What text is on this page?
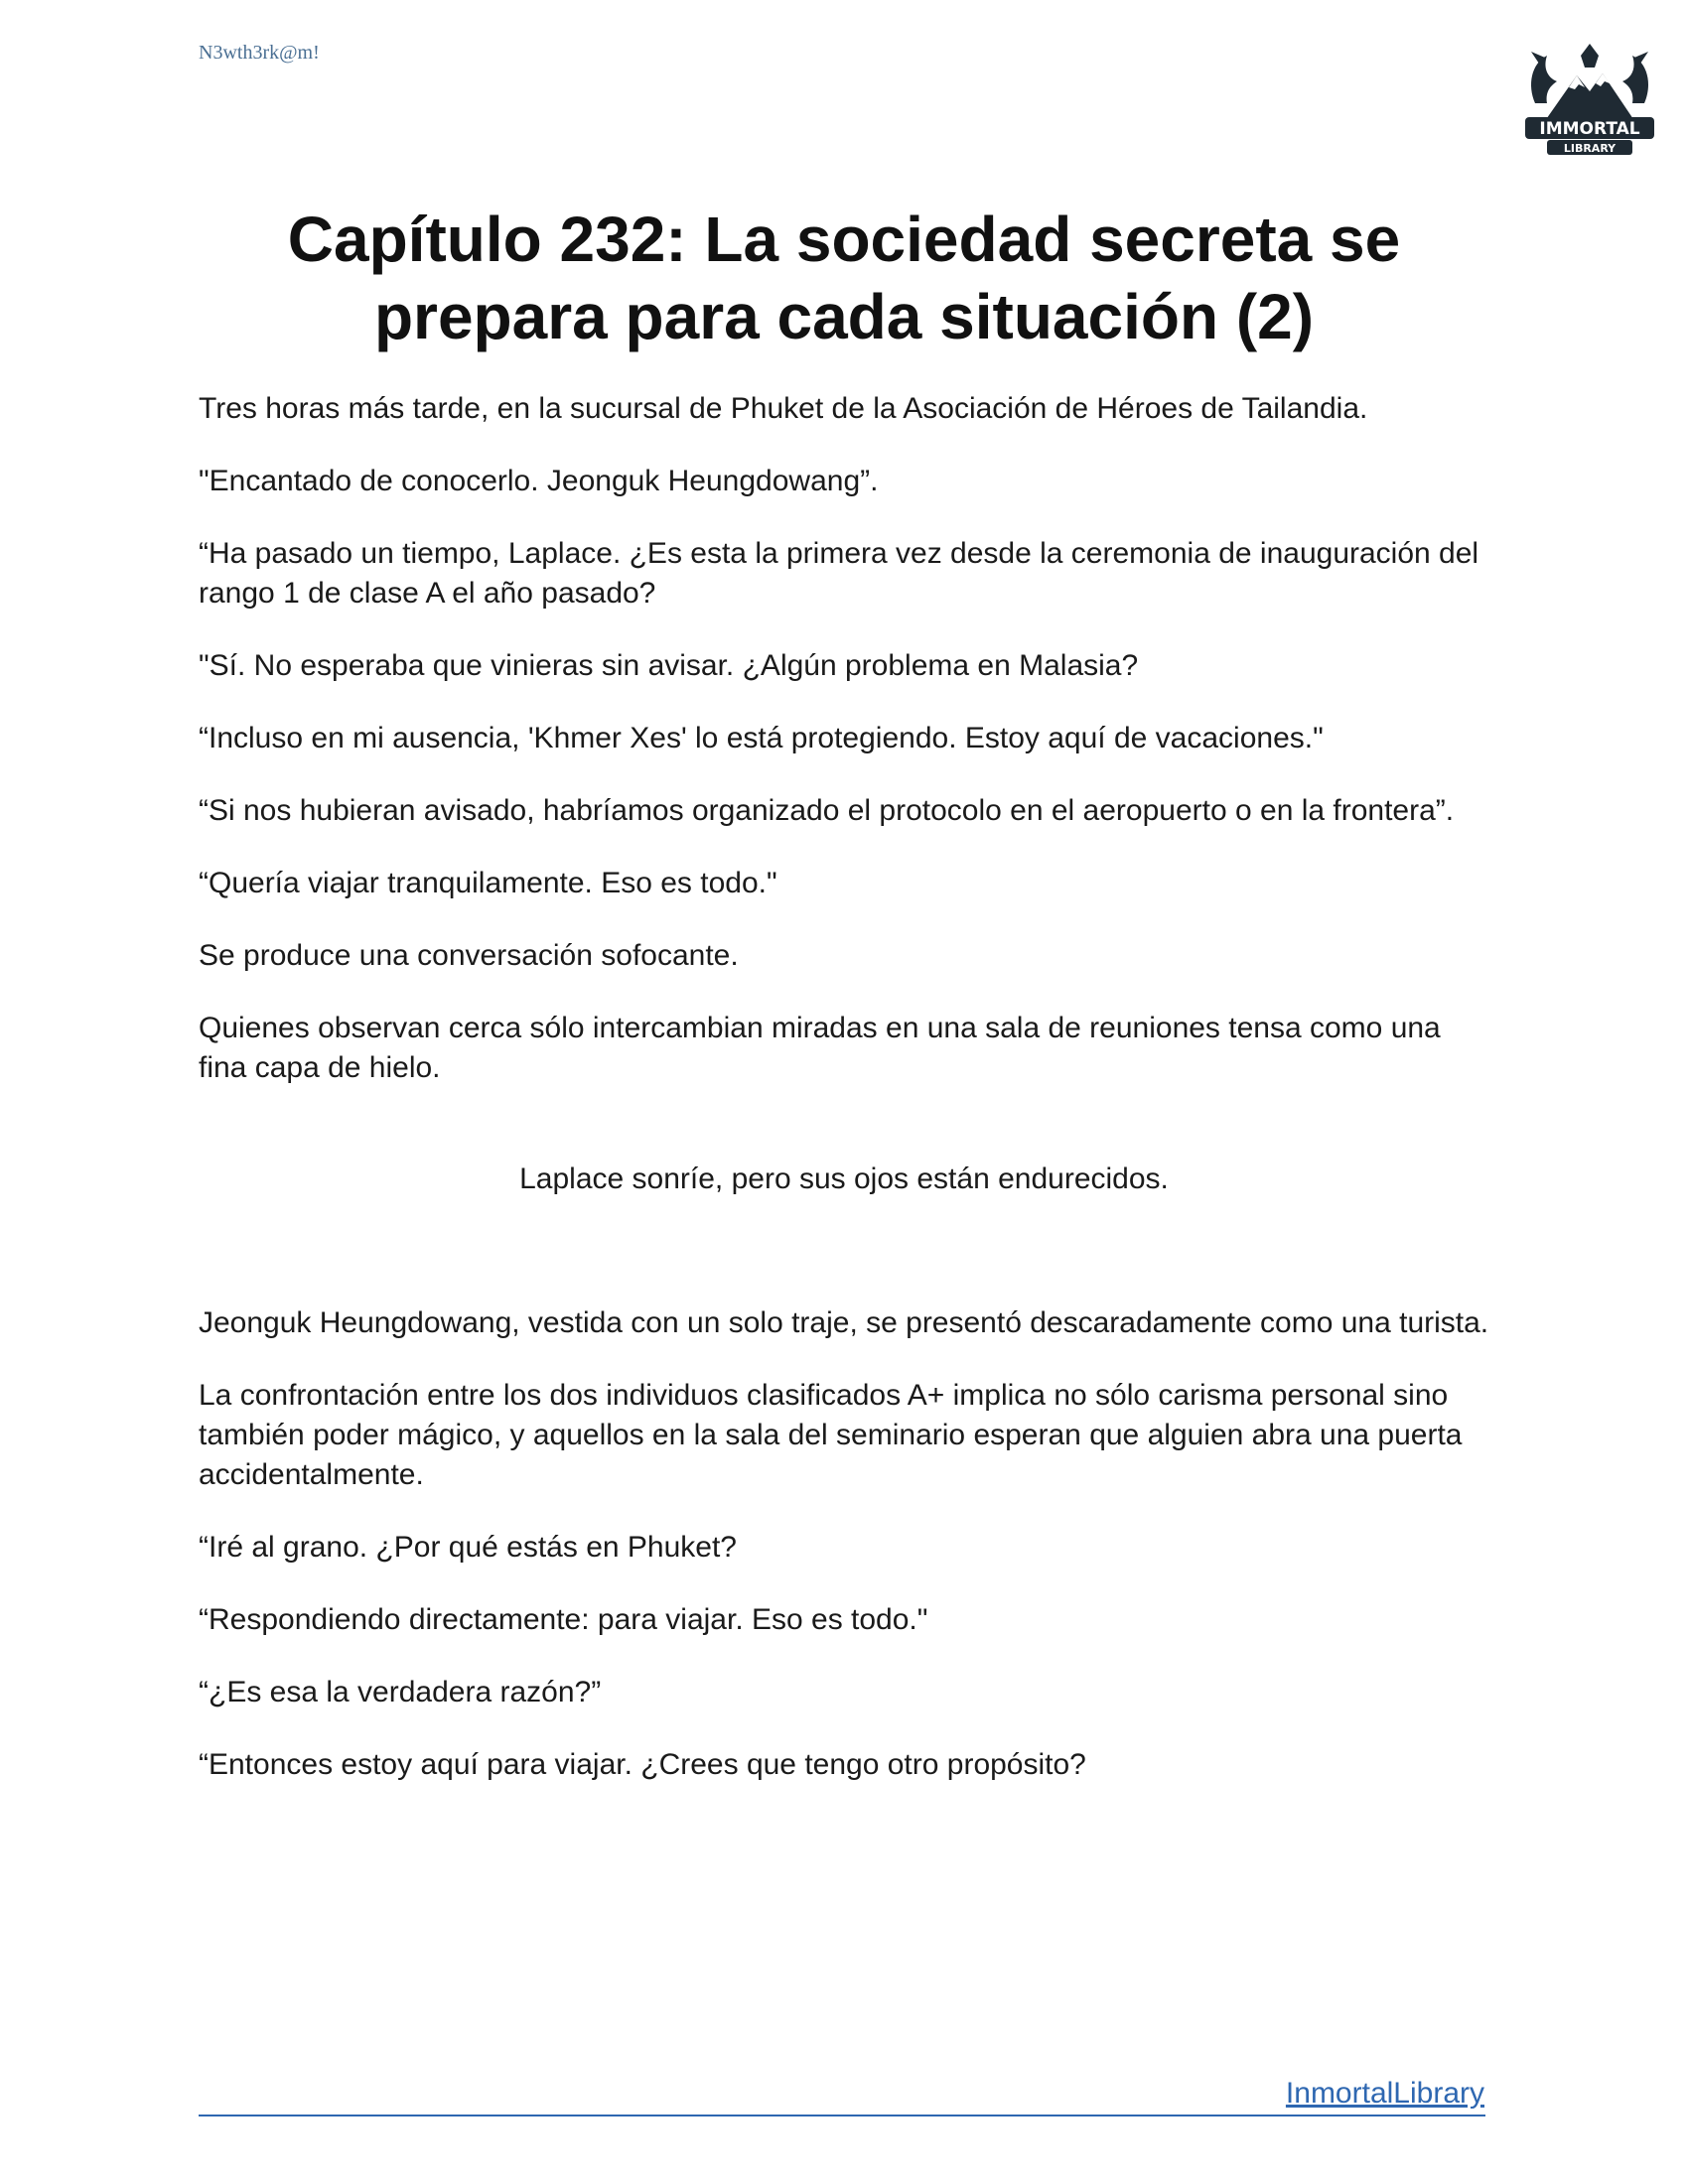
N3wth3rk@m!
IMMORTAL
LIBRARY
Capítulo 232: La sociedad secreta se prepara para cada situación (2)

Tres horas más tarde, en la sucursal de Phuket de la Asociación de Héroes de Tailandia.

"Encantado de conocerlo. Jeonguk Heungdowang”.

“Ha pasado un tiempo, Laplace. ¿Es esta la primera vez desde la ceremonia de inauguración del rango 1 de clase A el año pasado?

"Sí. No esperaba que vinieras sin avisar. ¿Algún problema en Malasia?

“Incluso en mi ausencia, 'Khmer Xes' lo está protegiendo. Estoy aquí de vacaciones."

“Si nos hubieran avisado, habríamos organizado el protocolo en el aeropuerto o en la frontera”.

“Quería viajar tranquilamente. Eso es todo."

Se produce una conversación sofocante.

Quienes observan cerca sólo intercambian miradas en una sala de reuniones tensa como una fina capa de hielo.

Laplace sonríe, pero sus ojos están endurecidos.

Jeonguk Heungdowang, vestida con un solo traje, se presentó descaradamente como una turista.

La confrontación entre los dos individuos clasificados A+ implica no sólo carisma personal sino también poder mágico, y aquellos en la sala del seminario esperan que alguien abra una puerta accidentalmente.

“Iré al grano. ¿Por qué estás en Phuket?

“Respondiendo directamente: para viajar. Eso es todo."

“¿Es esa la verdadera razón?”

“Entonces estoy aquí para viajar. ¿Crees que tengo otro propósito?

InmortalLibrary
